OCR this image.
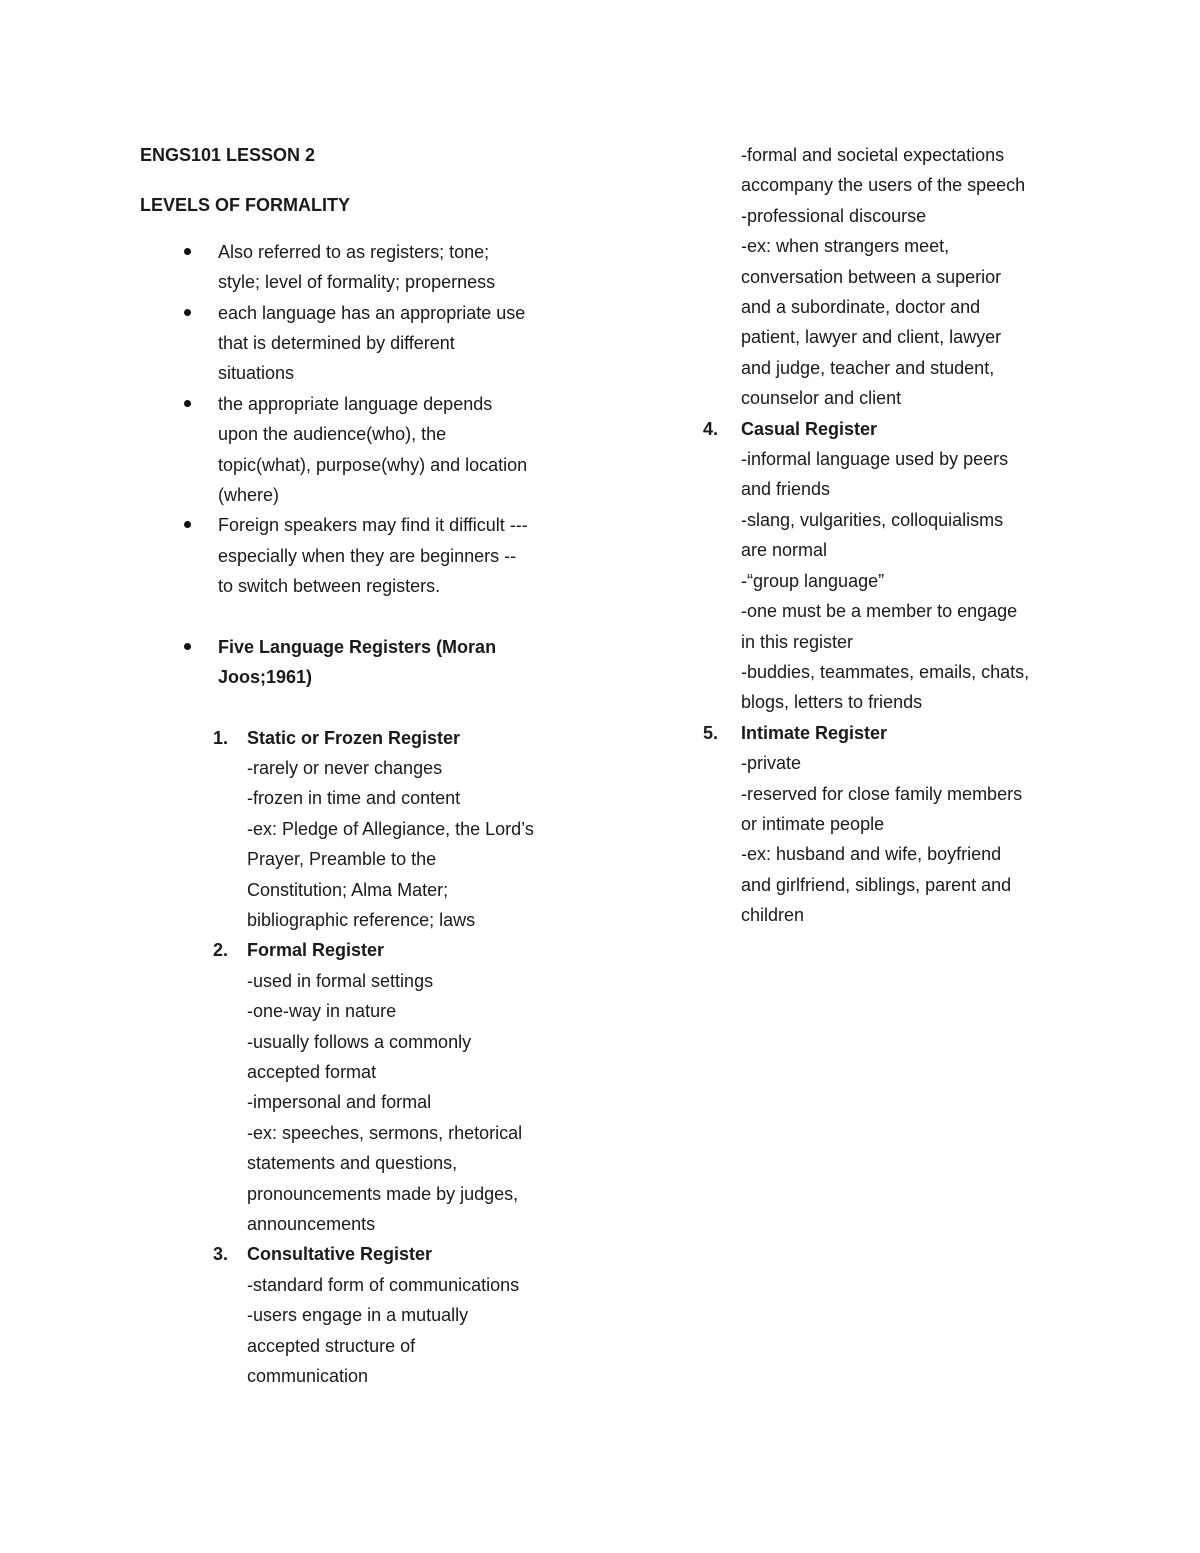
ENGS101 LESSON 2

LEVELS OF FORMALITY

Also referred to as registers; tone;
style; level of formality; properness
each language has an appropriate use
that is determined by different
situations
the appropriate language depends
upon the audience(who), the
topic(what), purpose(why) and location
(where)
Foreign speakers may find it difficult ---
especially when they are beginners --
to switch between registers.
Five Language Registers (Moran
Joos;1961)
1. Static or Frozen Register
-rarely or never changes
-frozen in time and content
-ex: Pledge of Allegiance, the Lord’s
Prayer, Preamble to the
Constitution; Alma Mater;
bibliographic reference; laws
2. Formal Register
-used in formal settings
-one-way in nature
-usually follows a commonly
accepted format
-impersonal and formal
-ex: speeches, sermons, rhetorical
statements and questions,
pronouncements made by judges,
announcements
3. Consultative Register
-standard form of communications
-users engage in a mutually
accepted structure of
communication
-formal and societal expectations
accompany the users of the speech
-professional discourse
-ex: when strangers meet,
conversation between a superior
and a subordinate, doctor and
patient, lawyer and client, lawyer
and judge, teacher and student,
counselor and client
4. Casual Register
-informal language used by peers
and friends
-slang, vulgarities, colloquialisms
are normal
-“group language”
-one must be a member to engage
in this register
-buddies, teammates, emails, chats,
blogs, letters to friends
5. Intimate Register
-private
-reserved for close family members
or intimate people
-ex: husband and wife, boyfriend
and girlfriend, siblings, parent and
children
